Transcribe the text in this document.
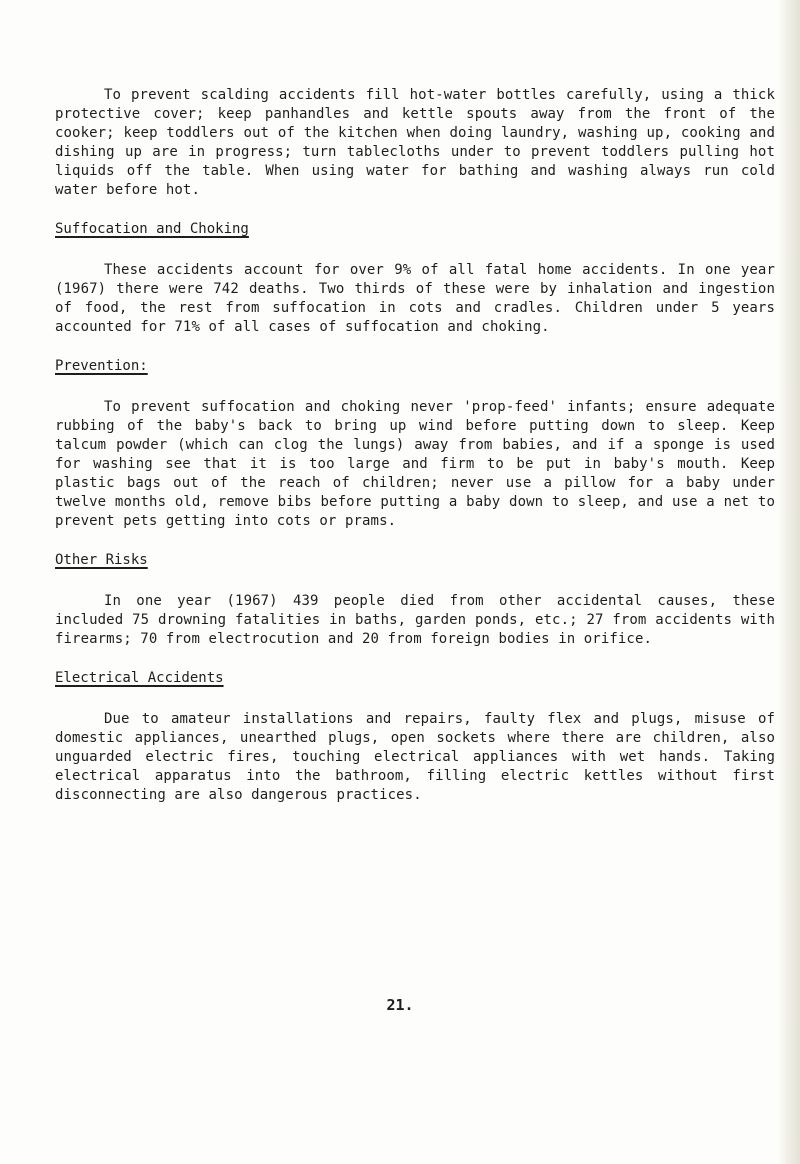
To prevent scalding accidents fill hot-water bottles carefully, using a thick protective cover; keep panhandles and kettle spouts away from the front of the cooker; keep toddlers out of the kitchen when doing laundry, washing up, cooking and dishing up are in progress; turn tablecloths under to prevent toddlers pulling hot liquids off the table. When using water for bathing and washing always run cold water before hot.

Suffocation and Choking

These accidents account for over 9% of all fatal home accidents. In one year (1967) there were 742 deaths. Two thirds of these were by inhalation and ingestion of food, the rest from suffocation in cots and cradles. Children under 5 years accounted for 71% of all cases of suffocation and choking.

Prevention:

To prevent suffocation and choking never 'prop-feed' infants; ensure adequate rubbing of the baby's back to bring up wind before putting down to sleep. Keep talcum powder (which can clog the lungs) away from babies, and if a sponge is used for washing see that it is too large and firm to be put in baby's mouth. Keep plastic bags out of the reach of children; never use a pillow for a baby under twelve months old, remove bibs before putting a baby down to sleep, and use a net to prevent pets getting into cots or prams.

Other Risks

In one year (1967) 439 people died from other accidental causes, these included 75 drowning fatalities in baths, garden ponds, etc.; 27 from accidents with firearms; 70 from electrocution and 20 from foreign bodies in orifice.

Electrical Accidents

Due to amateur installations and repairs, faulty flex and plugs, misuse of domestic appliances, unearthed plugs, open sockets where there are children, also unguarded electric fires, touching electrical appliances with wet hands. Taking electrical apparatus into the bathroom, filling electric kettles without first disconnecting are also dangerous practices.

21.
